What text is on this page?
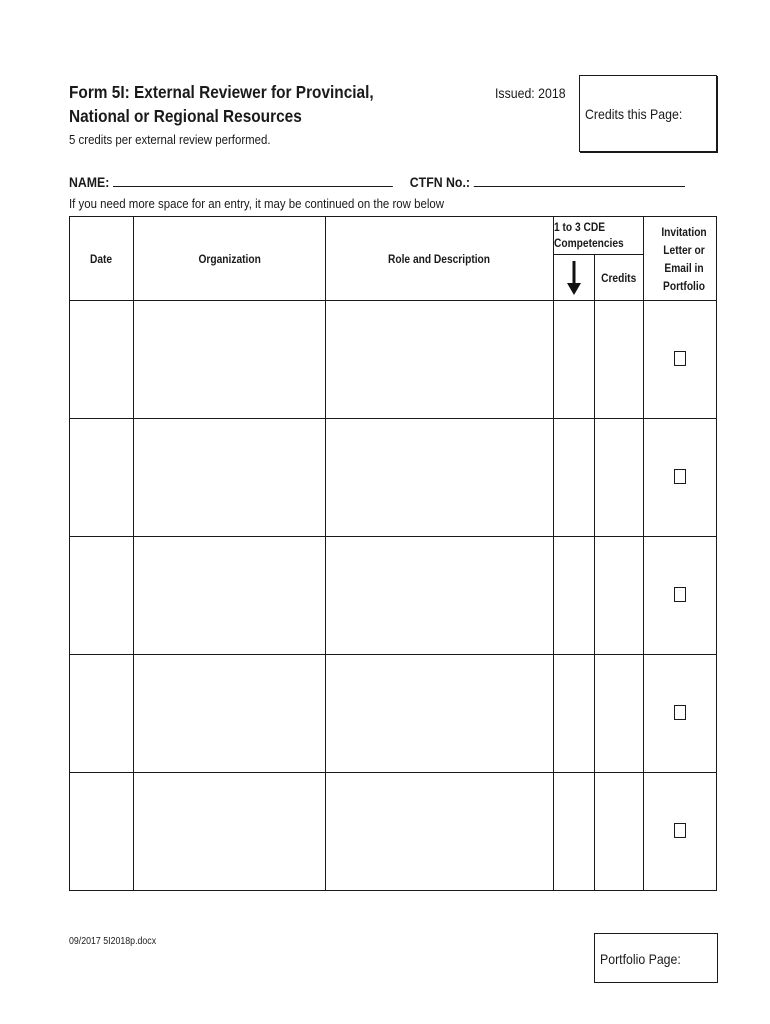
Form 5I: External Reviewer for Provincial, National or Regional Resources
5 credits per external review performed.
Issued: 2018
Credits this Page:
NAME:	CTFN No.:
If you need more space for an entry, it may be continued on the row below
Date	Organization	Role and Description	1 to 3 CDE Competencies		Invitation Letter or Email in Portfolio
	Credits	

09/2017 5I2018p.docx
Portfolio Page:
